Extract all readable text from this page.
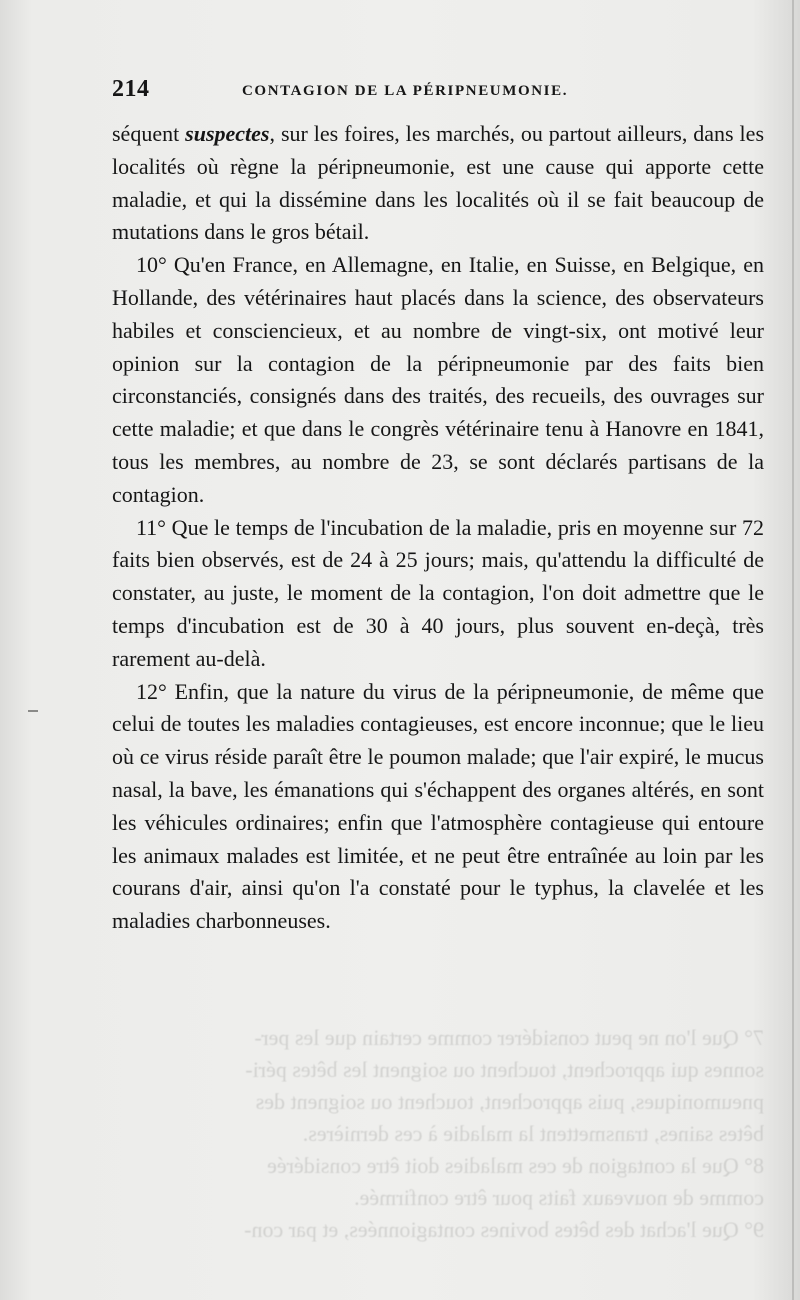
214	CONTAGION DE LA PÉRIPNEUMONIE.

séquent suspectes, sur les foires, les marchés, ou partout ailleurs, dans les localités où règne la péripneumonie, est une cause qui apporte cette maladie, et qui la dissémine dans les localités où il se fait beaucoup de mutations dans le gros bétail.

10° Qu'en France, en Allemagne, en Italie, en Suisse, en Belgique, en Hollande, des vétérinaires haut placés dans la science, des observateurs habiles et consciencieux, et au nombre de vingt-six, ont motivé leur opinion sur la contagion de la péripneumonie par des faits bien circonstanciés, consignés dans des traités, des recueils, des ouvrages sur cette maladie; et que dans le congrès vétérinaire tenu à Hanovre en 1841, tous les membres, au nombre de 23, se sont déclarés partisans de la contagion.

11° Que le temps de l'incubation de la maladie, pris en moyenne sur 72 faits bien observés, est de 24 à 25 jours; mais, qu'attendu la difficulté de constater, au juste, le moment de la contagion, l'on doit admettre que le temps d'incubation est de 30 à 40 jours, plus souvent en-deçà, très rarement au-delà.

12° Enfin, que la nature du virus de la péripneumonie, de même que celui de toutes les maladies contagieuses, est encore inconnue; que le lieu où ce virus réside paraît être le poumon malade; que l'air expiré, le mucus nasal, la bave, les émanations qui s'échappent des organes altérés, en sont les véhicules ordinaires; enfin que l'atmosphère contagieuse qui entoure les animaux malades est limitée, et ne peut être entraînée au loin par les courans d'air, ainsi qu'on l'a constaté pour le typhus, la clavelée et les maladies charbonneuses.

7° Que l'on ne peut considérer comme certain que les per-

sonnes qui approchent, touchent ou soignent les bêtes péri-

pneumoniques, puis approchent, touchent ou soignent des

bêtes saines, transmettent la maladie à ces dernières.

8° Que la contagion de ces maladies doit être considérée

comme de nouveaux faits pour être confirmée.

9° Que l'achat des bêtes bovines contagionnées, et par con-
